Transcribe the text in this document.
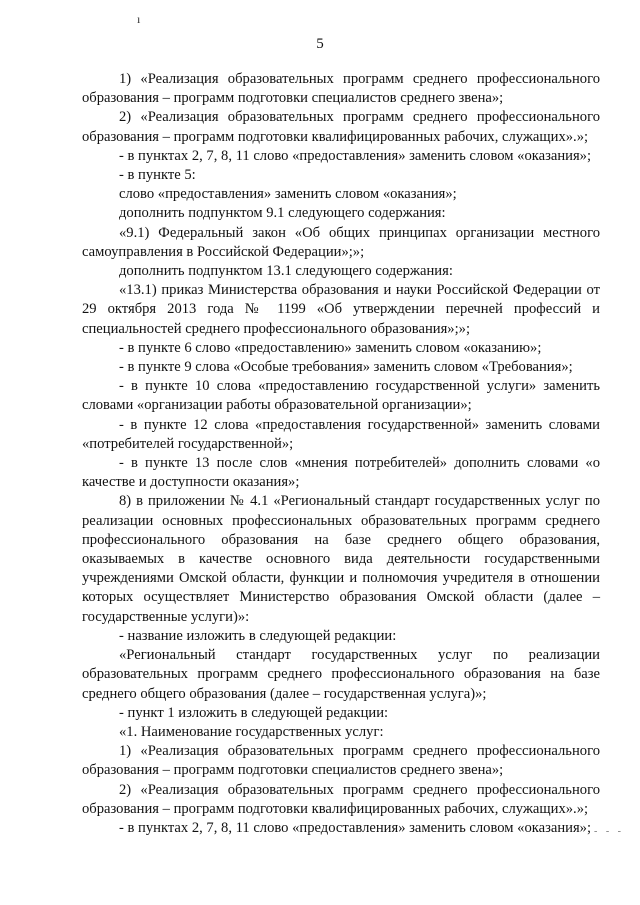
ı
5

1) «Реализация образовательных программ среднего профессионального образования – программ подготовки специалистов среднего звена»;

2) «Реализация образовательных программ среднего профессионального образования – программ подготовки квалифицированных рабочих, служащих».»;

- в пунктах 2, 7, 8, 11 слово «предоставления» заменить словом «оказания»;

- в пункте 5:

слово «предоставления» заменить словом «оказания»;

дополнить подпунктом 9.1 следующего содержания:

«9.1) Федеральный закон «Об общих принципах организации местного самоуправления в Российской Федерации»;»;

дополнить подпунктом 13.1 следующего содержания:

«13.1) приказ Министерства образования и науки Российской Федерации от 29 октября 2013 года № 1199 «Об утверждении перечней профессий и специальностей среднего профессионального образования»;»;

- в пункте 6 слово «предоставлению» заменить словом «оказанию»;

- в пункте 9 слова «Особые требования» заменить словом «Требования»;

- в пункте 10 слова «предоставлению государственной услуги» заменить словами «организации работы образовательной организации»;

- в пункте 12 слова «предоставления государственной» заменить словами «потребителей государственной»;

- в пункте 13 после слов «мнения потребителей» дополнить словами «о качестве и доступности оказания»;

8) в приложении № 4.1 «Региональный стандарт государственных услуг по реализации основных профессиональных образовательных программ среднего профессионального образования на базе среднего общего образования, оказываемых в качестве основного вида деятельности государственными учреждениями Омской области, функции и полномочия учредителя в отношении которых осуществляет Министерство образования Омской области (далее – государственные услуги)»:

- название изложить в следующей редакции:

«Региональный стандарт государственных услуг по реализации образовательных программ среднего профессионального образования на базе среднего общего образования (далее – государственная услуга)»;

- пункт 1 изложить в следующей редакции:

«1. Наименование государственных услуг:

1) «Реализация образовательных программ среднего профессионального образования – программ подготовки специалистов среднего звена»;

2) «Реализация образовательных программ среднего профессионального образования – программ подготовки квалифицированных рабочих, служащих».»;

- в пунктах 2, 7, 8, 11 слово «предоставления» заменить словом «оказания»; - - -
